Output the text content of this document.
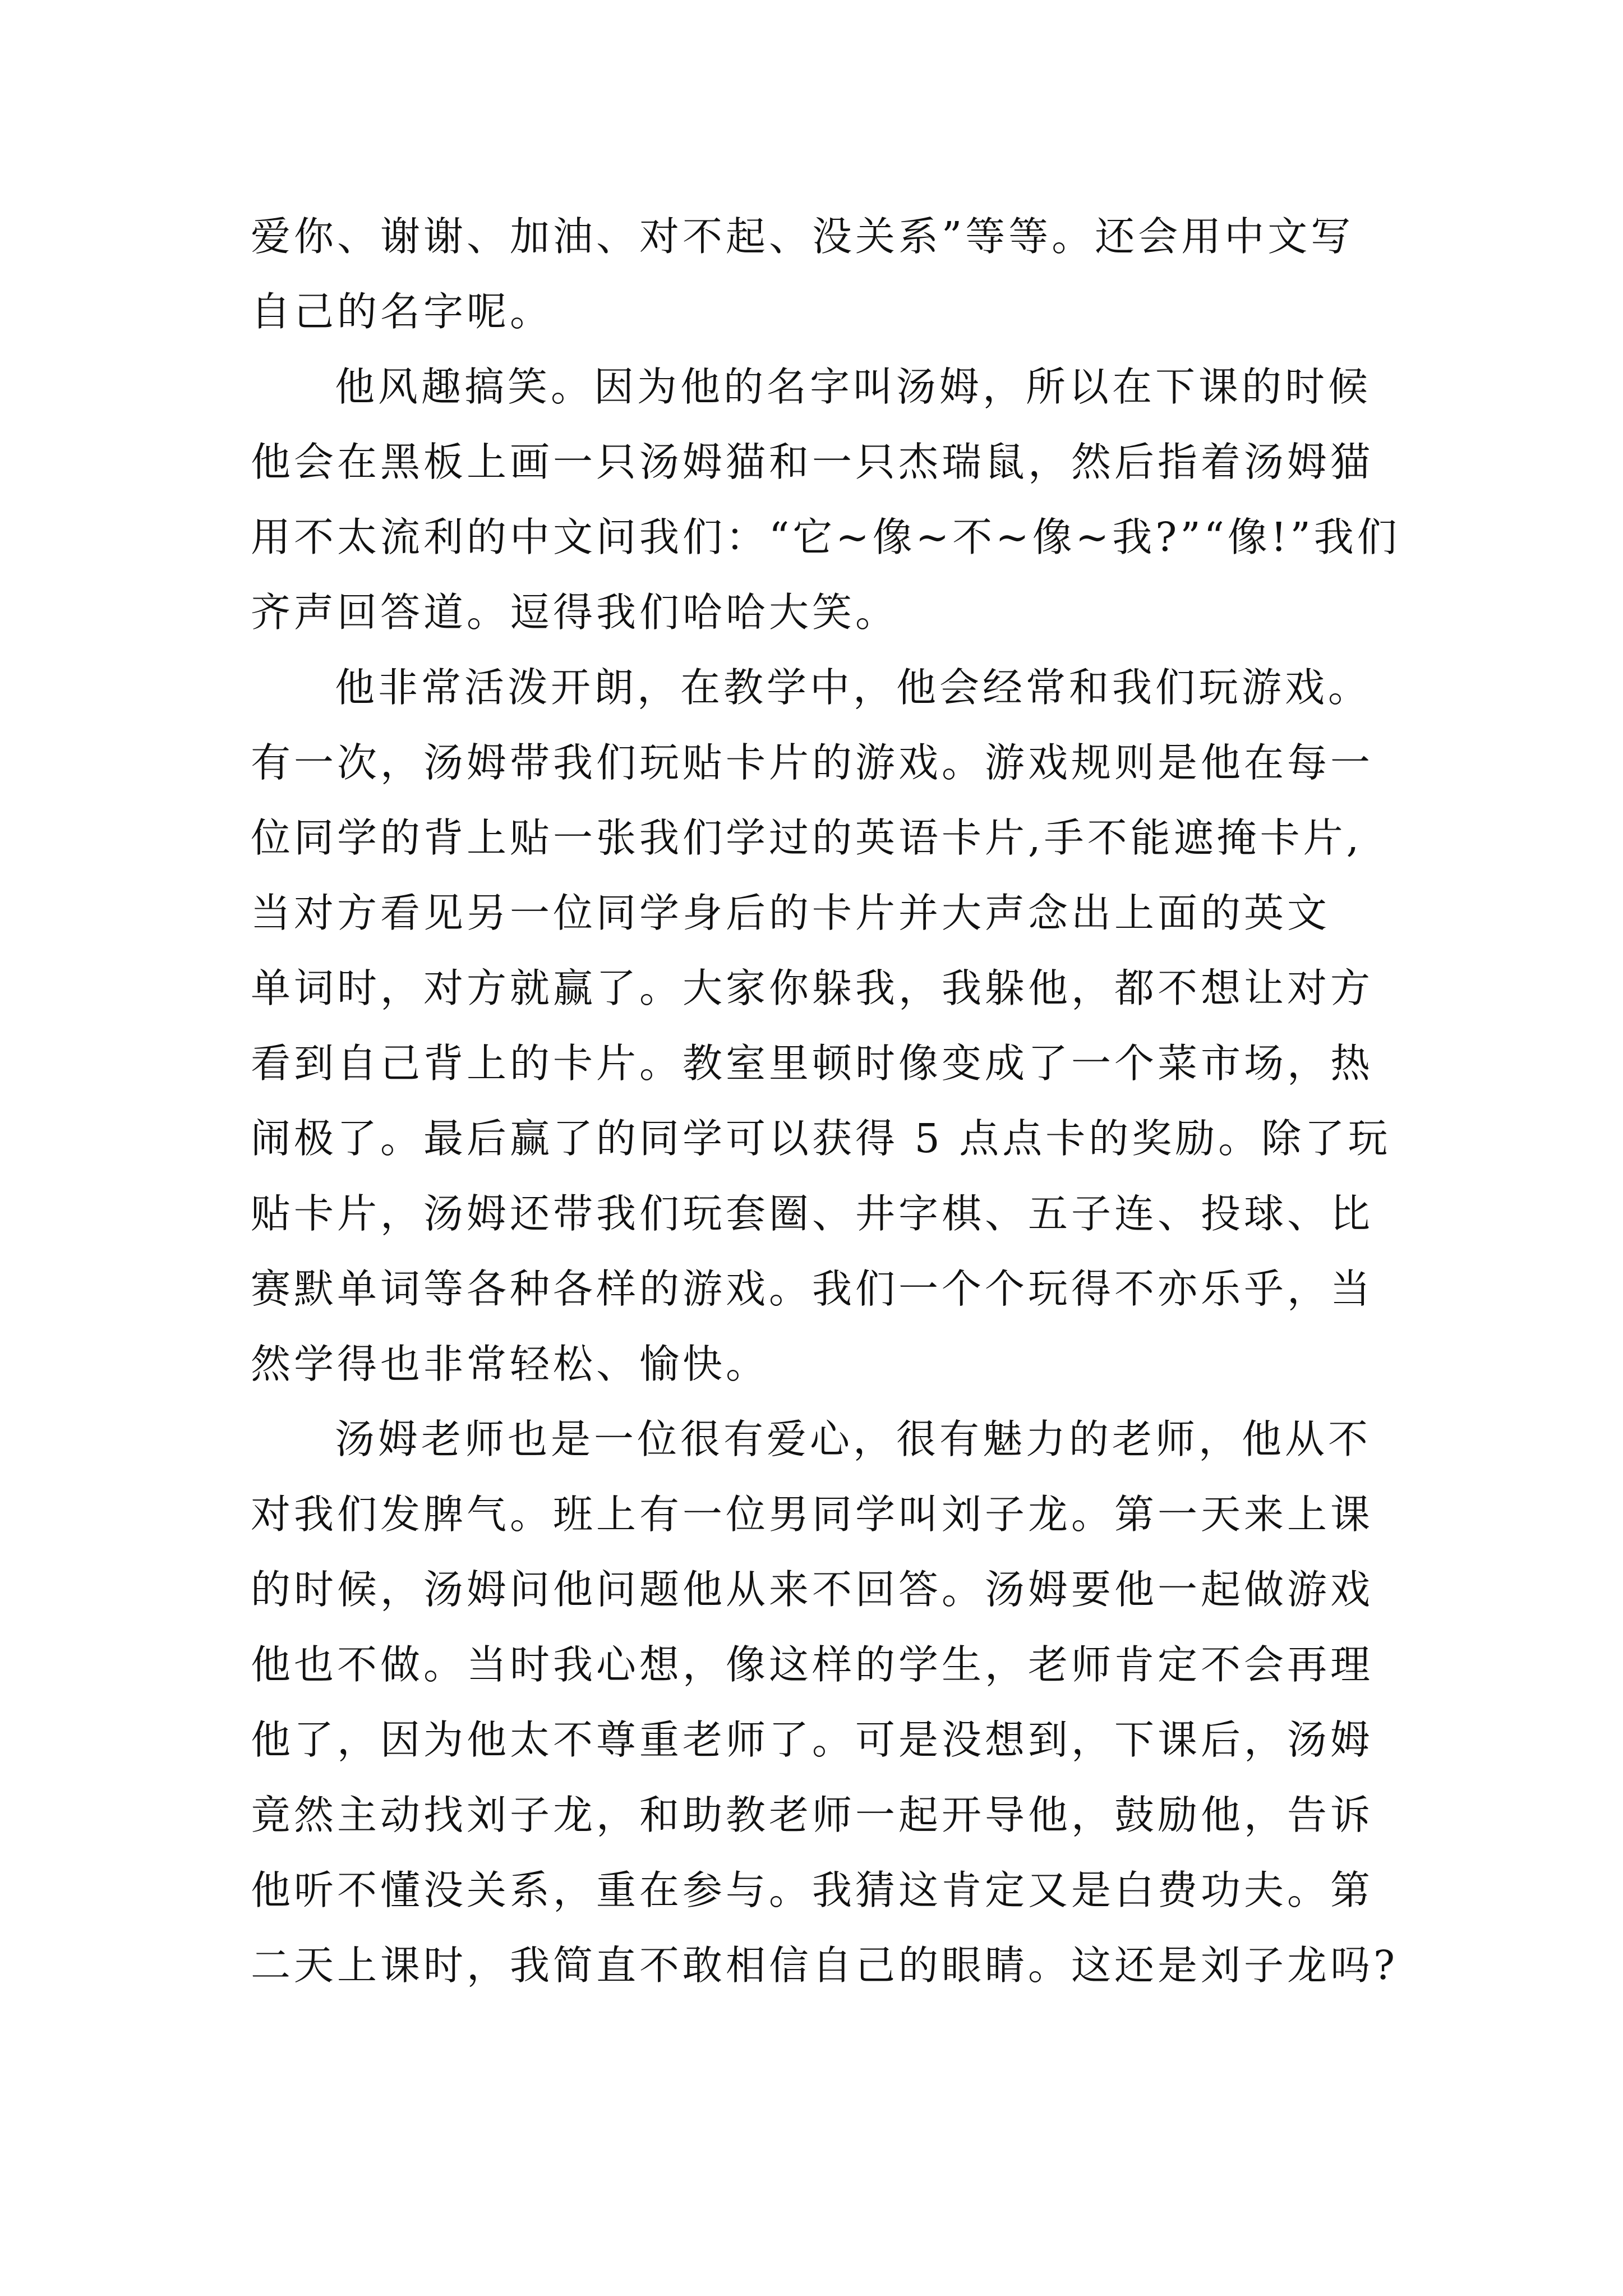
爱你、谢谢、加油、对不起、没关系”等等。还会用中文写
自己的名字呢。
他风趣搞笑。因为他的名字叫汤姆，所以在下课的时候
他会在黑板上画一只汤姆猫和一只杰瑞鼠，然后指着汤姆猫
用不太流利的中文问我们：“它~像~不~像~我?”“像!”我们
齐声回答道。逗得我们哈哈大笑。
他非常活泼开朗，在教学中，他会经常和我们玩游戏。
有一次，汤姆带我们玩贴卡片的游戏。游戏规则是他在每一
位同学的背上贴一张我们学过的英语卡片,手不能遮掩卡片,
当对方看见另一位同学身后的卡片并大声念出上面的英文
单词时，对方就赢了。大家你躲我，我躲他，都不想让对方
看到自己背上的卡片。教室里顿时像变成了一个菜市场，热
闹极了。最后赢了的同学可以获得 5 点点卡的奖励。除了玩
贴卡片，汤姆还带我们玩套圈、井字棋、五子连、投球、比
赛默单词等各种各样的游戏。我们一个个玩得不亦乐乎，当
然学得也非常轻松、愉快。
汤姆老师也是一位很有爱心，很有魅力的老师，他从不
对我们发脾气。班上有一位男同学叫刘子龙。第一天来上课
的时候，汤姆问他问题他从来不回答。汤姆要他一起做游戏
他也不做。当时我心想，像这样的学生，老师肯定不会再理
他了，因为他太不尊重老师了。可是没想到，下课后，汤姆
竟然主动找刘子龙，和助教老师一起开导他，鼓励他，告诉
他听不懂没关系，重在参与。我猜这肯定又是白费功夫。第
二天上课时，我简直不敢相信自己的眼睛。这还是刘子龙吗?
